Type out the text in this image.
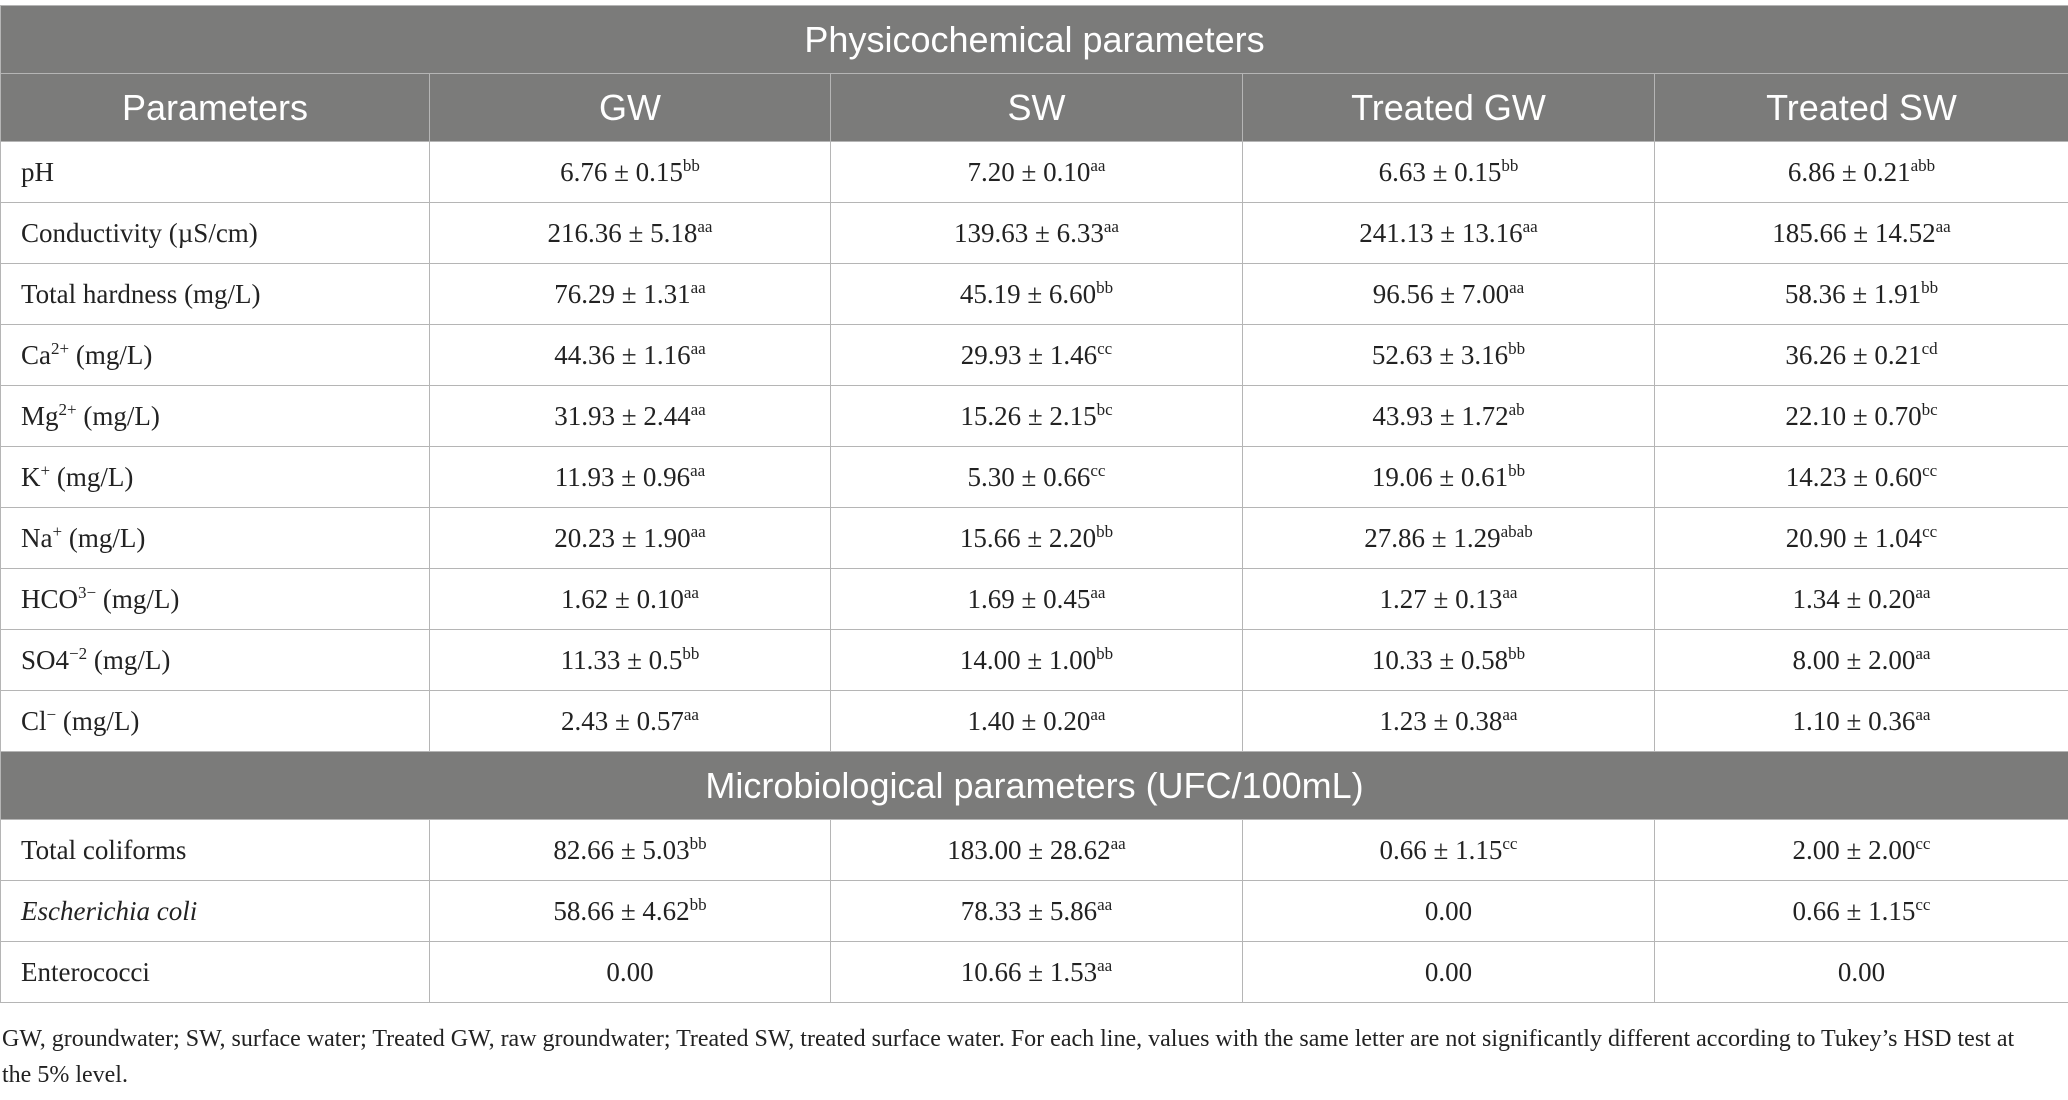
Physicochemical parameters				
Parameters	GW	SW	Treated GW	Treated SW
pH	6.76 ± 0.15$^{bb}$	7.20 ± 0.10$^{aa}$	6.63 ± 0.15$^{bb}$	6.86 ± 0.21$^{abb}$
Conductivity (µS/cm)	216.36 ± 5.18$^{aa}$	139.63 ± 6.33$^{aa}$	241.13 ± 13.16$^{aa}$	185.66 ± 14.52$^{aa}$
Total hardness (mg/L)	76.29 ± 1.31$^{aa}$	45.19 ± 6.60$^{bb}$	96.56 ± 7.00$^{aa}$	58.36 ± 1.91$^{bb}$
$Ca^{2+}$ (mg/L)	44.36 ± 1.16$^{aa}$	29.93 ± 1.46$^{cc}$	52.63 ± 3.16$^{bb}$	36.26 ± 0.21$^{cd}$
$Mg^{2+}$ (mg/L)	31.93 ± 2.44$^{aa}$	15.26 ± 2.15$^{bc}$	43.93 ± 1.72$^{ab}$	22.10 ± 0.70$^{bc}$
K+ (mg/L)	11.93 ± 0.96$^{aa}$	5.30 ± 0.66$^{cc}$	19.06 ± 0.61$^{bb}$	14.23 ± 0.60$^{cc}$
Na+ (mg/L)	20.23 ± 1.90$^{aa}$	15.66 ± 2.20$^{bb}$	$27.86 \pm 1.29^{abab}$	20.90 ± 1.04$^{cc}$
$HCO^{3-}$ (mg/L)	1.62 ± 0.10$^{aa}$	1.69 ± 0.45$^{aa}$	1.27 ± 0.13$^{aa}$	1.34 ± 0.20$^{aa}$
$SO4^{-2}$ (mg/L)	11.33 ± 0.5$^{bb}$	14.00 ± 1.00$^{bb}$	10.33 ± 0.58$^{bb}$	8.00 ± 2.00$^{aa}$
Cl− (mg/L)	2.43 ± 0.57$^{aa}$	1.40 ± 0.20$^{aa}$	1.23 ± 0.38$^{aa}$	1.10 ± 0.36$^{aa}$
Microbiological parameters (UFC/100mL)				
Total coliforms	82.66 ± 5.03$^{bb}$	183.00 ± 28.62$^{aa}$	0.66 ± 1.15$^{cc}$	2.00 ± 2.00$^{cc}$
Escherichia coli	58.66 ± 4.62$^{bb}$	78.33 ± 5.86$^{aa}$	0.00	0.66 ± 1.15$^{cc}$
Enterococci	0.00	10.66 ± 1.53$^{aa}$	0.00	0.00
GW, groundwater; SW, surface water; Treated GW, raw groundwater; Treated SW, treated surface water. For each line, values with the same letter are not significantly different according to Tukey’s HSD test at the 5% level.
